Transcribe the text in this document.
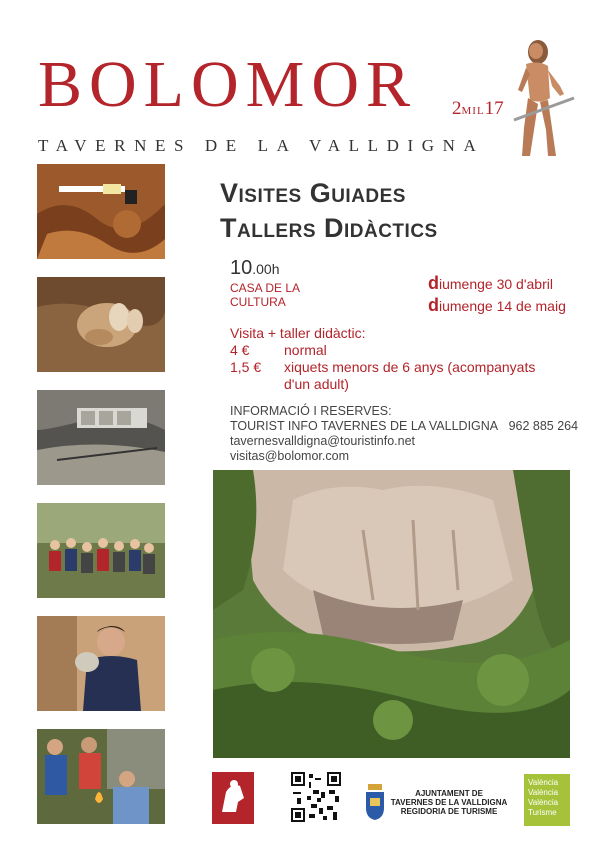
BOLOMOR 2MIL17
TAVERNES DE LA VALLDIGNA
Visites Guiades
Tallers Didàctics
10.00h
CASA DE LA
CULTURA
diumenge 30 d'abril
diumenge 14 de maig
Visita + taller didàctic:
4 € normal
1,5 € xiquets menors de 6 anys (acompanyats
d'un adult)
INFORMACIÓ I RESERVES:
TOURIST INFO TAVERNES DE LA VALLDIGNA 962 885 264
tavernesvalldigna@touristinfo.net
visitas@bolomor.com
AJUNTAMENT DE
TAVERNES DE LA VALLDIGNA
REGIDORIA DE TURISME
València
València
València
Turisme
